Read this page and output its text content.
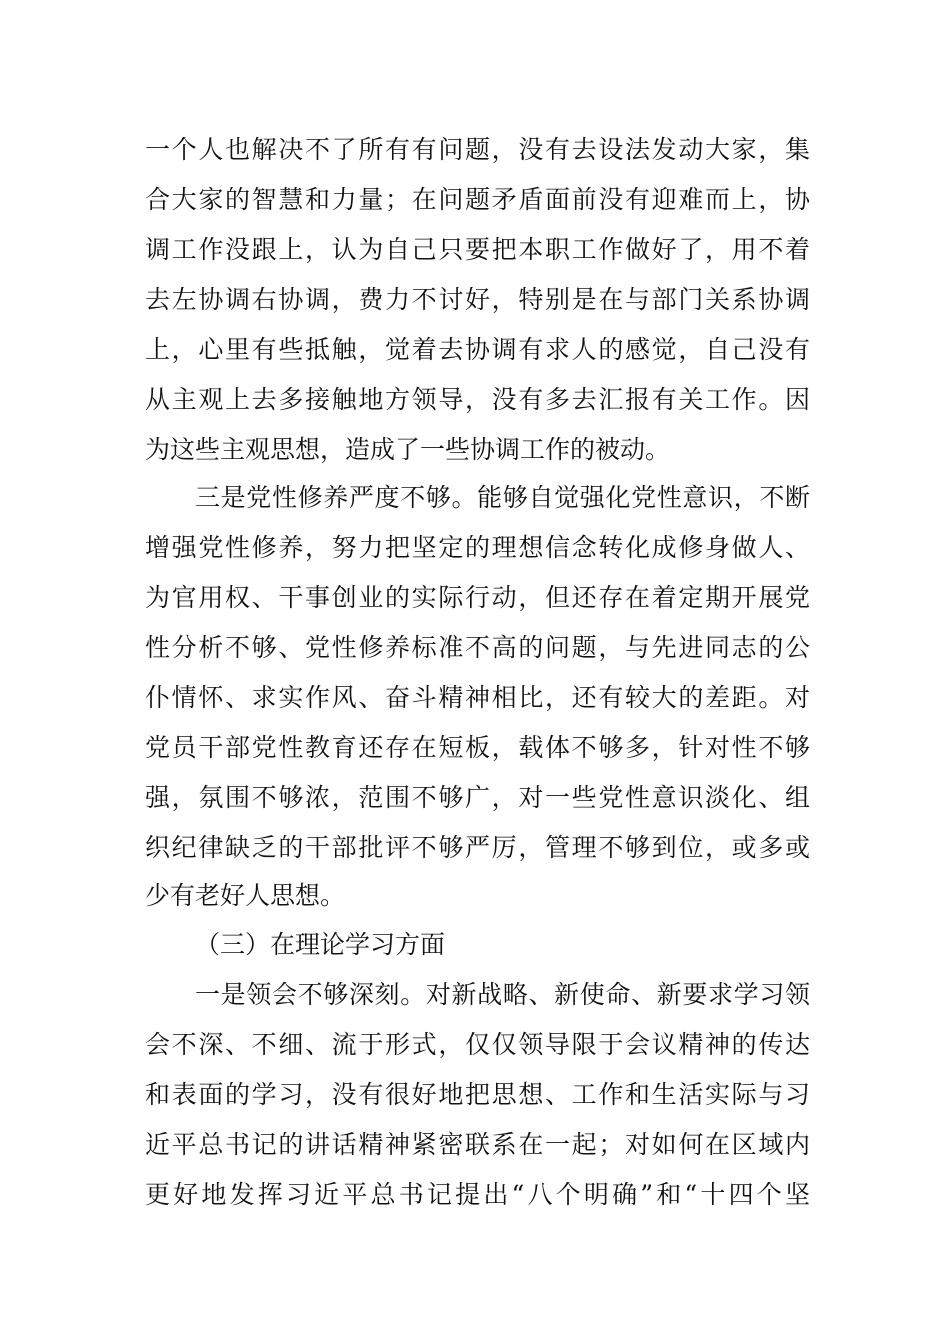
一个人也解决不了所有有问题，没有去设法发动大家，集
合大家的智慧和力量；在问题矛盾面前没有迎难而上，协
调工作没跟上，认为自己只要把本职工作做好了，用不着
去左协调右协调，费力不讨好，特别是在与部门关系协调
上，心里有些抵触，觉着去协调有求人的感觉，自己没有
从主观上去多接触地方领导，没有多去汇报有关工作。因
为这些主观思想，造成了一些协调工作的被动。
三是党性修养严度不够。能够自觉强化党性意识，不断
增强党性修养，努力把坚定的理想信念转化成修身做人、
为官用权、干事创业的实际行动，但还存在着定期开展党
性分析不够、党性修养标准不高的问题，与先进同志的公
仆情怀、求实作风、奋斗精神相比，还有较大的差距。对
党员干部党性教育还存在短板，载体不够多，针对性不够
强，氛围不够浓，范围不够广，对一些党性意识淡化、组
织纪律缺乏的干部批评不够严厉，管理不够到位，或多或
少有老好人思想。
（三）在理论学习方面
一是领会不够深刻。对新战略、新使命、新要求学习领
会不深、不细、流于形式，仅仅领导限于会议精神的传达
和表面的学习，没有很好地把思想、工作和生活实际与习
近平总书记的讲话精神紧密联系在一起；对如何在区域内
更好地发挥习近平总书记提出“八个明确”和“十四个坚
